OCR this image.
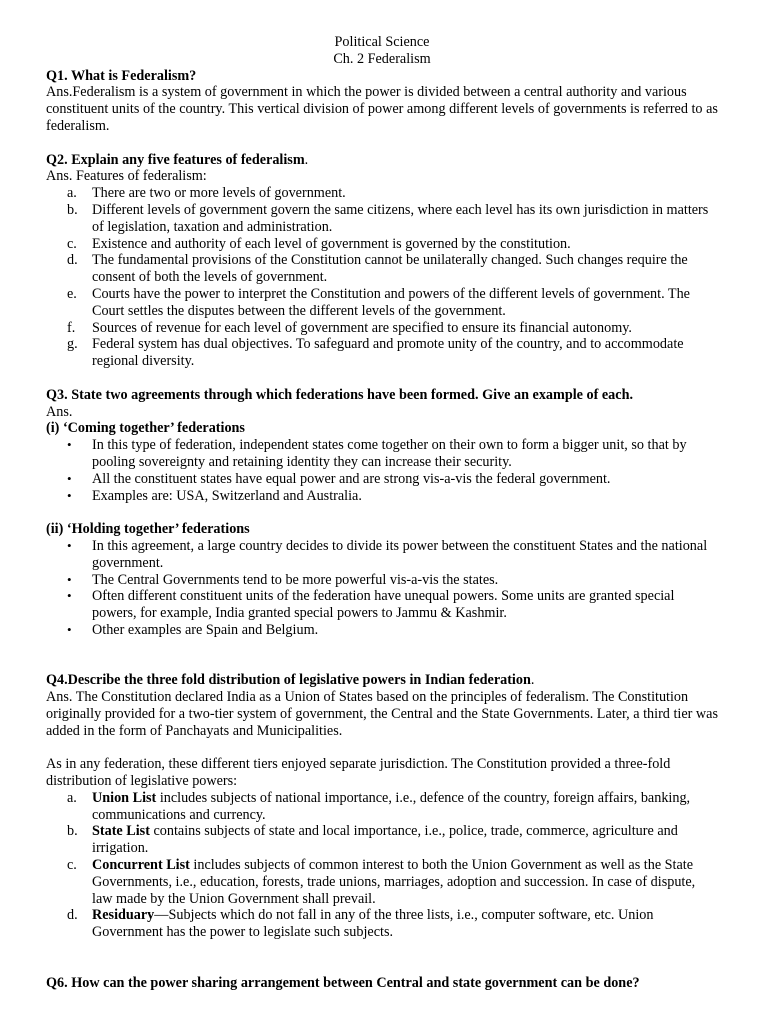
Political Science
Ch. 2 Federalism
Q1. What is Federalism?

Ans.Federalism is a system of government in which the power is divided between a central authority and various constituent units of the country. This vertical division of power among different levels of governments is referred to as federalism.

Q2. Explain any five features of federalism.
Ans. Features of federalism:
a. There are two or more levels of government.
b. Different levels of government govern the same citizens, where each level has its own jurisdiction in matters of legislation, taxation and administration.
c. Existence and authority of each level of government is governed by the constitution.
d. The fundamental provisions of the Constitution cannot be unilaterally changed. Such changes require the consent of both the levels of government.
e. Courts have the power to interpret the Constitution and powers of the different levels of government. The Court settles the disputes between the different levels of the government.
f. Sources of revenue for each level of government are specified to ensure its financial autonomy.
g. Federal system has dual objectives. To safeguard and promote unity of the country, and to accommodate regional diversity.
Q3. State two agreements through which federations have been formed. Give an example of each.
Ans.
(i) ‘Coming together’ federations
• In this type of federation, independent states come together on their own to form a bigger unit, so that by pooling sovereignty and retaining identity they can increase their security.
• All the constituent states have equal power and are strong vis-a-vis the federal government.
• Examples are: USA, Switzerland and Australia.
(ii) ‘Holding together’ federations
• In this agreement, a large country decides to divide its power between the constituent States and the national government.
• The Central Governments tend to be more powerful vis-a-vis the states.
• Often different constituent units of the federation have unequal powers. Some units are granted special powers, for example, India granted special powers to Jammu & Kashmir.
• Other examples are Spain and Belgium.
Q4.Describe the three fold distribution of legislative powers in Indian federation.

Ans. The Constitution declared India as a Union of States based on the principles of federalism. The Constitution originally provided for a two-tier system of government, the Central and the State Governments. Later, a third tier was added in the form of Panchayats and Municipalities.

As in any federation, these different tiers enjoyed separate jurisdiction. The Constitution provided a three-fold distribution of legislative powers:

a. Union List includes subjects of national importance, i.e., defence of the country, foreign affairs, banking, communications and currency.
b. State List contains subjects of state and local importance, i.e., police, trade, commerce, agriculture and irrigation.
c. Concurrent List includes subjects of common interest to both the Union Government as well as the State Governments, i.e., education, forests, trade unions, marriages, adoption and succession. In case of dispute, law made by the Union Government shall prevail.
d. Residuary—Subjects which do not fall in any of the three lists, i.e., computer software, etc. Union Government has the power to legislate such subjects.
Q6. How can the power sharing arrangement between Central and state government can be done?
